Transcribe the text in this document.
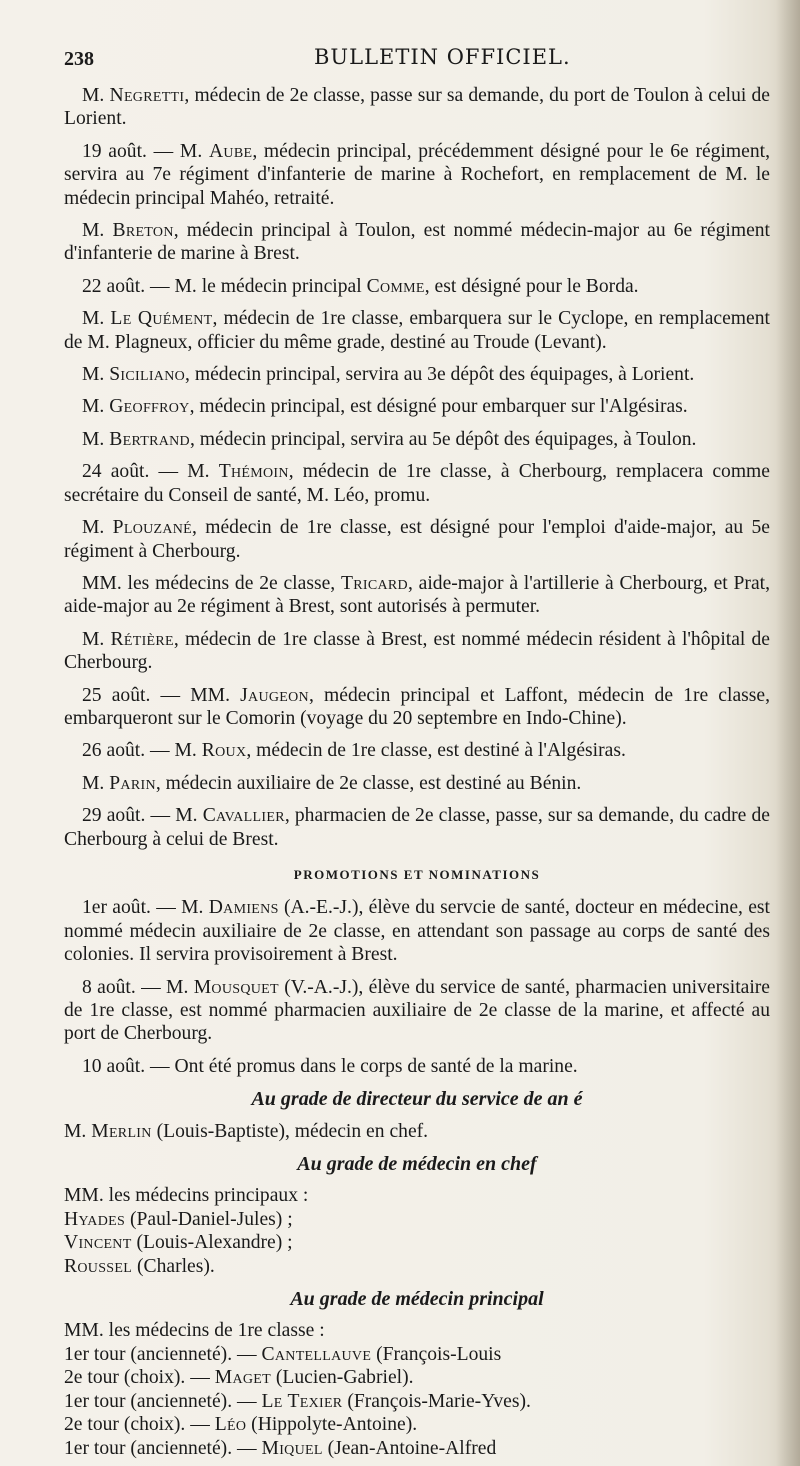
238	BULLETIN OFFICIEL.

M. Negretti, médecin de 2e classe, passe sur sa demande, du port de Toulon à celui de Lorient.

19 août. — M. Aube, médecin principal, précédemment désigné pour le 6e régiment, servira au 7e régiment d'infanterie de marine à Rochefort, en remplacement de M. le médecin principal Mahéo, retraité.

M. Breton, médecin principal à Toulon, est nommé médecin-major au 6e régiment d'infanterie de marine à Brest.

22 août. — M. le médecin principal Comme, est désigné pour le Borda.

M. Le Quément, médecin de 1re classe, embarquera sur le Cyclope, en remplacement de M. Plagneux, officier du même grade, destiné au Troude (Levant).

M. Siciliano, médecin principal, servira au 3e dépôt des équipages, à Lorient.

M. Geoffroy, médecin principal, est désigné pour embarquer sur l'Algésiras.

M. Bertrand, médecin principal, servira au 5e dépôt des équipages, à Toulon.

24 août. — M. Thémoin, médecin de 1re classe, à Cherbourg, remplacera comme secrétaire du Conseil de santé, M. Léo, promu.

M. Plouzané, médecin de 1re classe, est désigné pour l'emploi d'aide-major, au 5e régiment à Cherbourg.

MM. les médecins de 2e classe, Tricard, aide-major à l'artillerie à Cherbourg, et Prat, aide-major au 2e régiment à Brest, sont autorisés à permuter.

M. Rétière, médecin de 1re classe à Brest, est nommé médecin résident à l'hôpital de Cherbourg.

25 août. — MM. Jaugeon, médecin principal et Laffont, médecin de 1re classe, embarqueront sur le Comorin (voyage du 20 septembre en Indo-Chine).

26 août. — M. Roux, médecin de 1re classe, est destiné à l'Algésiras.

M. Parin, médecin auxiliaire de 2e classe, est destiné au Bénin.

29 août. — M. Cavallier, pharmacien de 2e classe, passe, sur sa demande, du cadre de Cherbourg à celui de Brest.

PROMOTIONS ET NOMINATIONS

1er août. — M. Damiens (A.-E.-J.), élève du servcie de santé, docteur en médecine, est nommé médecin auxiliaire de 2e classe, en attendant son passage au corps de santé des colonies. Il servira provisoirement à Brest.

8 août. — M. Mousquet (V.-A.-J.), élève du service de santé, pharmacien universitaire de 1re classe, est nommé pharmacien auxiliaire de 2e classe de la marine, et affecté au port de Cherbourg.

10 août. — Ont été promus dans le corps de santé de la marine.

Au grade de directeur du service de an é

M. Merlin (Louis-Baptiste), médecin en chef.

Au grade de médecin en chef

MM. les médecins principaux :

Hyades (Paul-Daniel-Jules) ;

Vincent (Louis-Alexandre) ;

Roussel (Charles).

Au grade de médecin principal

MM. les médecins de 1re classe :

1er tour (ancienneté). — Cantellauve (François-Louis

2e tour (choix). — Maget (Lucien-Gabriel).

1er tour (ancienneté). — Le Texier (François-Marie-Yves).

2e tour (choix). — Léo (Hippolyte-Antoine).

1er tour (ancienneté). — Miquel (Jean-Antoine-Alfred
